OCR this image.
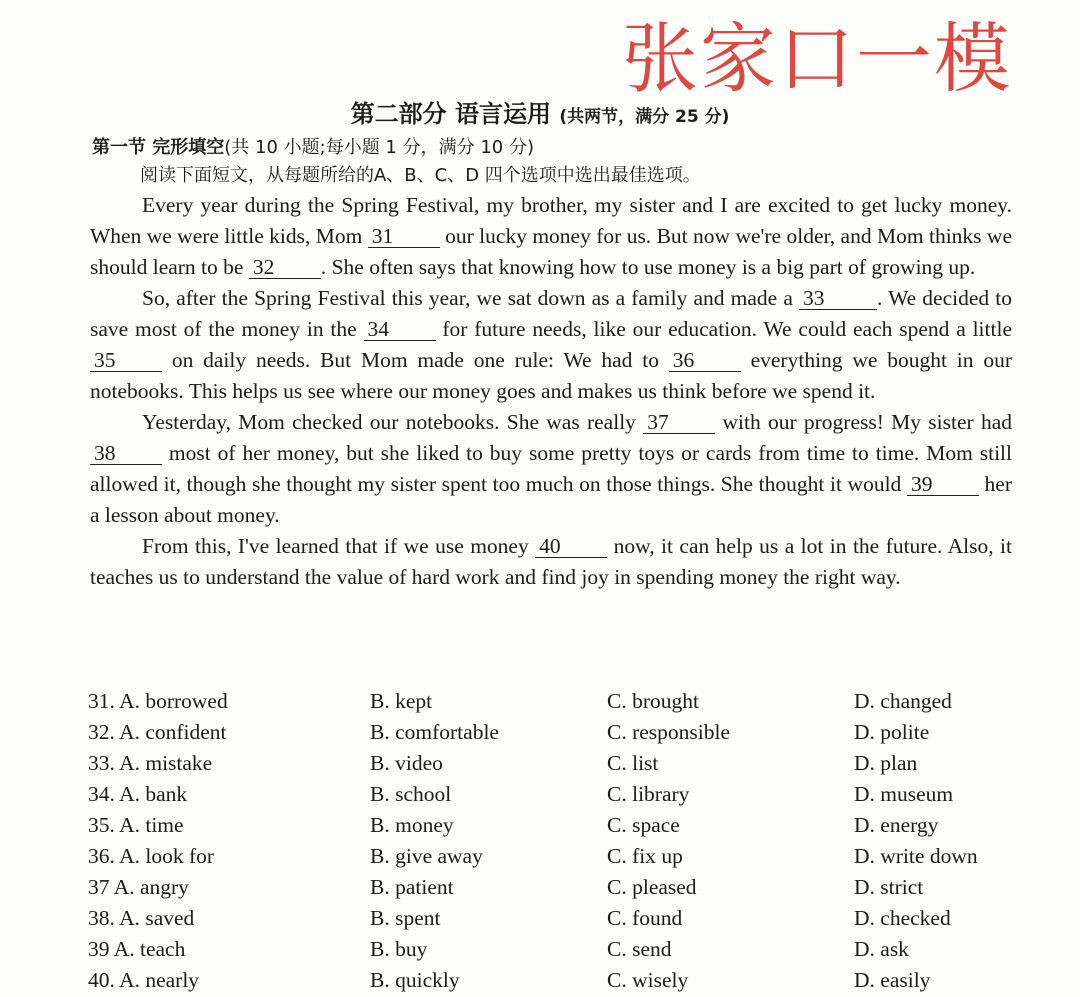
张家口一模
第二部分 语言运用 (共两节，满分 25 分)
第一节 完形填空(共 10 小题;每小题 1 分，满分 10 分)
阅读下面短文，从每题所给的A、B、C、D 四个选项中选出最佳选项。

Every year during the Spring Festival, my brother, my sister and I are excited to get lucky money. When we were little kids, Mom 31 our lucky money for us. But now we're older, and Mom thinks we should learn to be 32 . She often says that knowing how to use money is a big part of growing up.

So, after the Spring Festival this year, we sat down as a family and made a 33 . We decided to save most of the money in the 34 for future needs, like our education. We could each spend a little 35 on daily needs. But Mom made one rule: We had to 36 everything we bought in our notebooks. This helps us see where our money goes and makes us think before we spend it.

Yesterday, Mom checked our notebooks. She was really 37 with our progress! My sister had 38 most of her money, but she liked to buy some pretty toys or cards from time to time. Mom still allowed it, though she thought my sister spent too much on those things. She thought it would 39 her a lesson about money.

From this, I've learned that if we use money 40 now, it can help us a lot in the future. Also, it teaches us to understand the value of hard work and find joy in spending money the right way.

31. A. borrowed	B. kept	C. brought	D. changed
32. A. confident	B. comfortable	C. responsible	D. polite
33. A. mistake	B. video	C. list	D. plan
34. A. bank	B. school	C. library	D. museum
35. A. time	B. money	C. space	D. energy
36. A. look for	B. give away	C. fix up	D. write down
37 A. angry	B. patient	C. pleased	D. strict
38. A. saved	B. spent	C. found	D. checked
39 A. teach	B. buy	C. send	D. ask
40. A. nearly	B. quickly	C. wisely	D. easily
